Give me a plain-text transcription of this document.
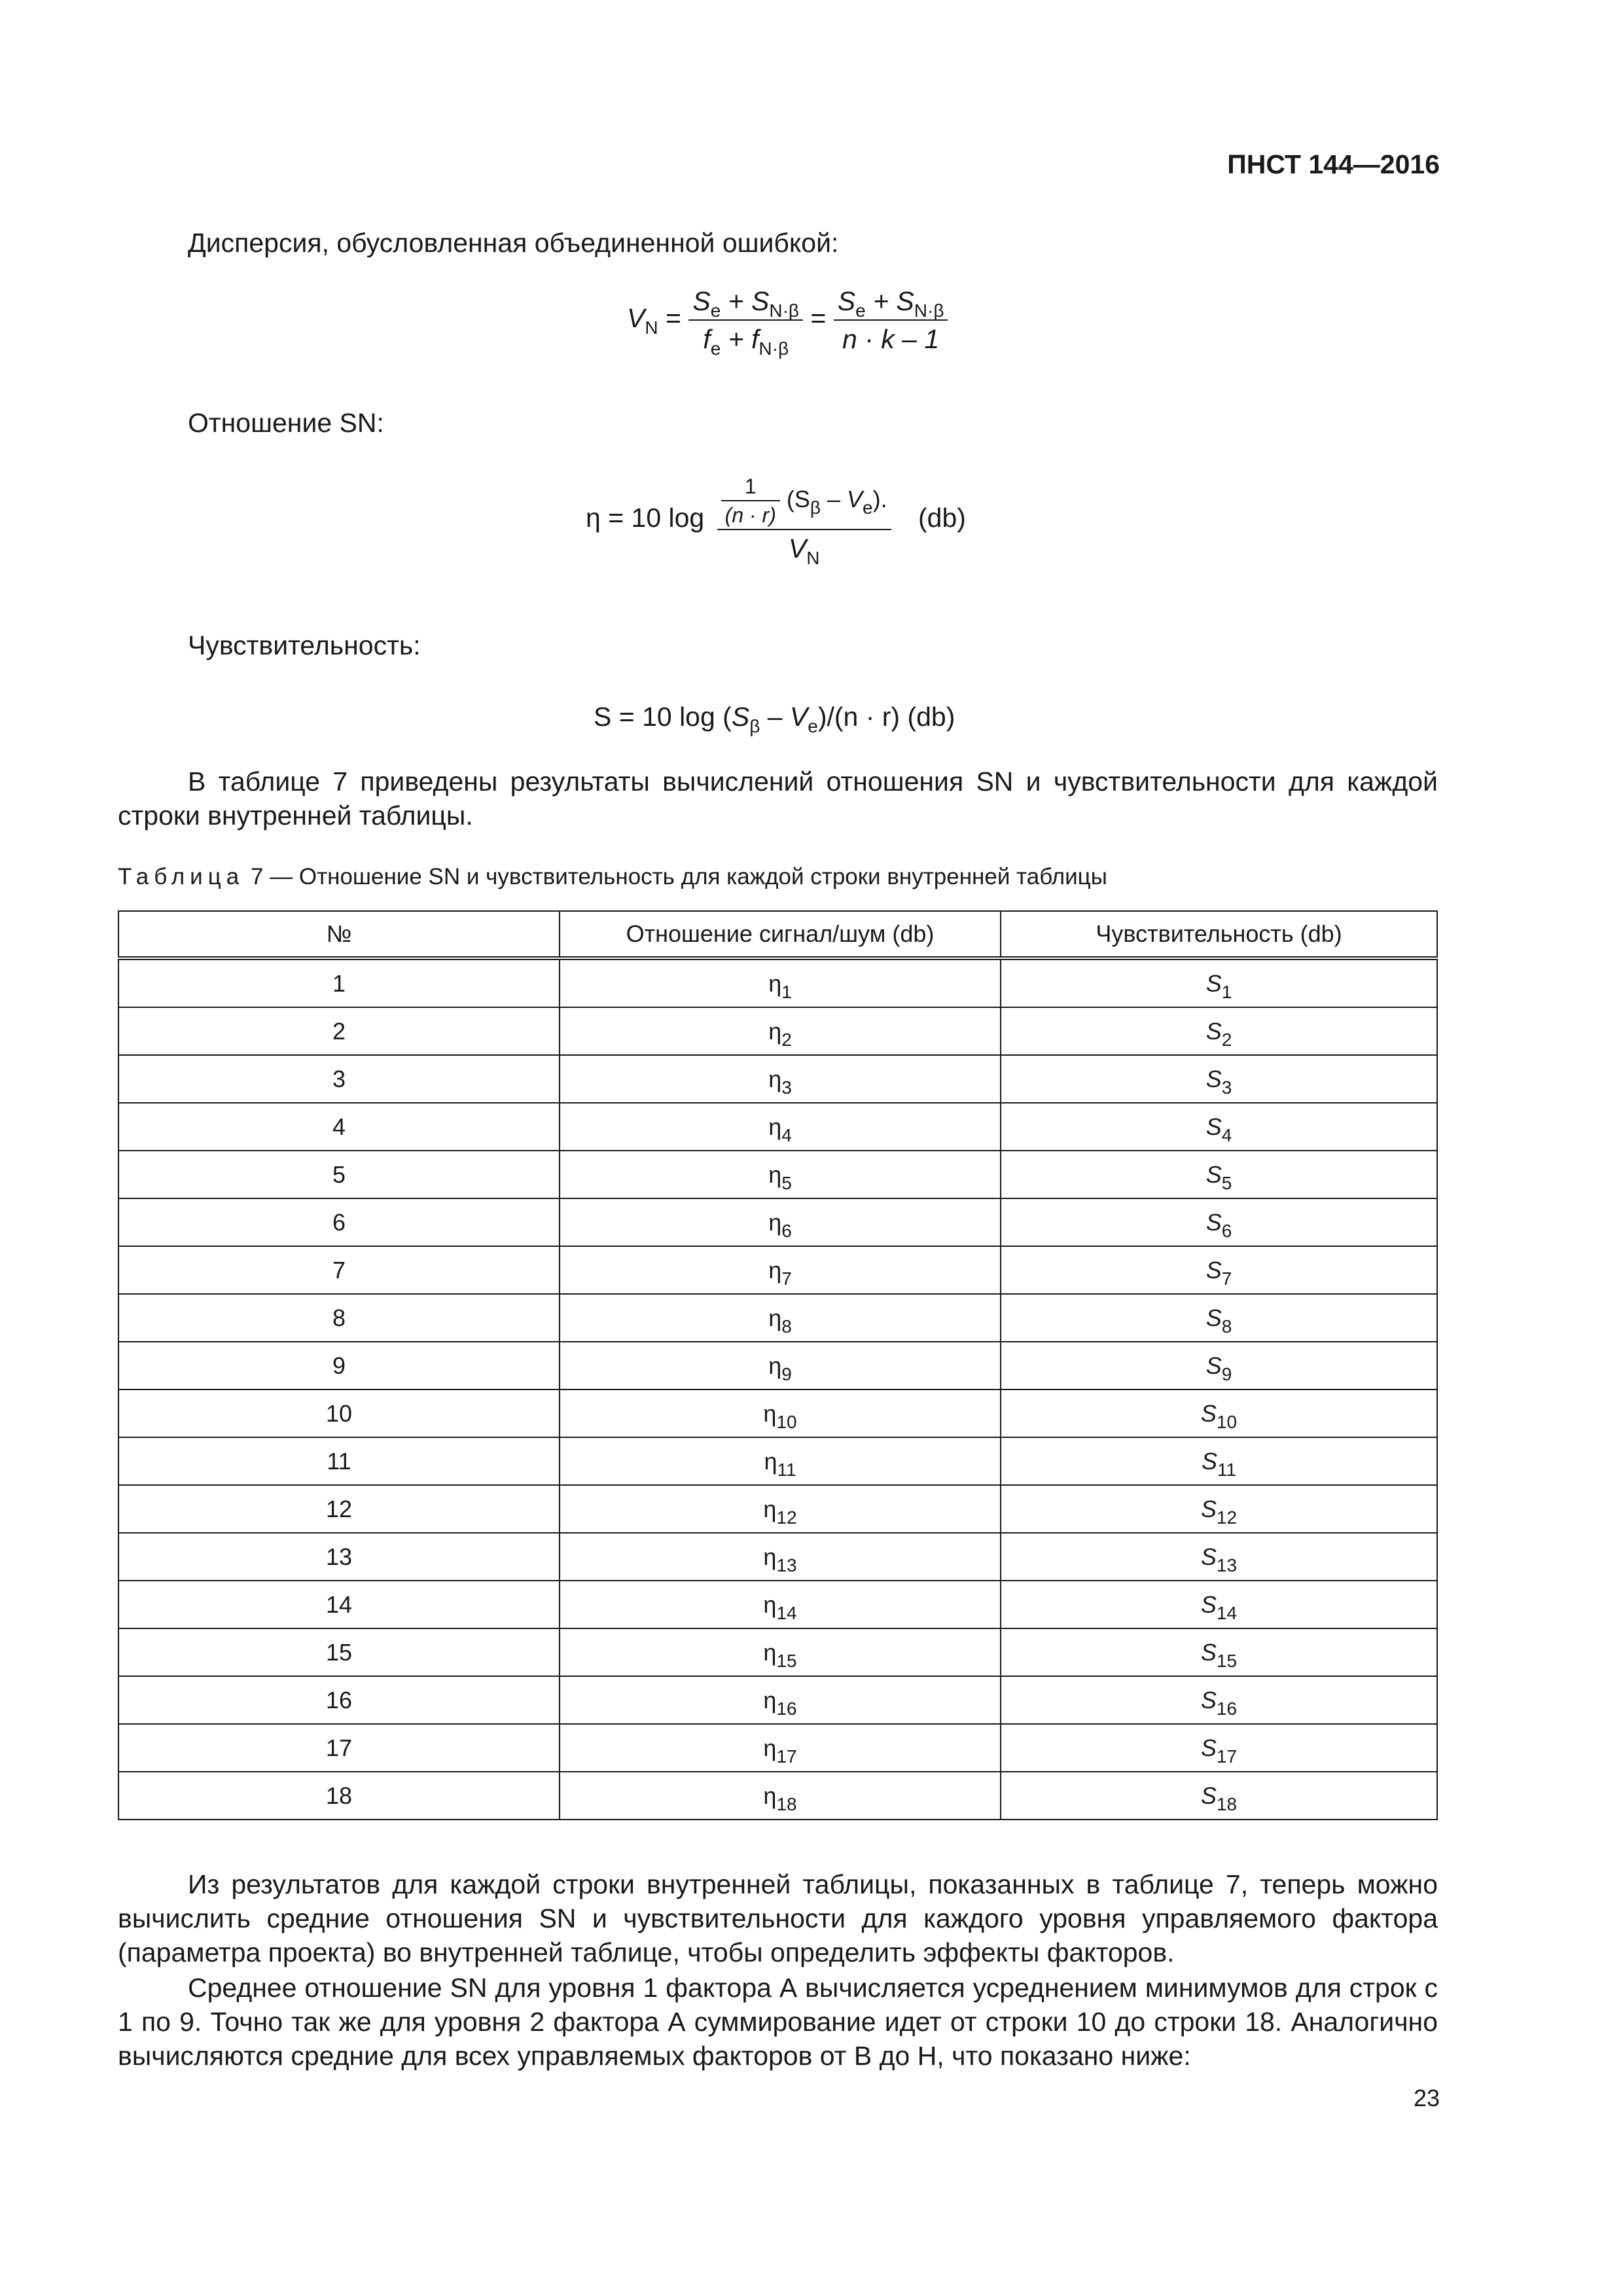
ПНСТ 144—2016
Дисперсия, обусловленная объединенной ошибкой:
$V_N = \frac{S_e + S_{N\cdot\beta}}{f_e + f_{N\cdot\beta}} = \frac{S_e + S_{N\cdot\beta}}{n \cdot k - 1}$
Отношение SN:
η = 10 $\log \frac{\frac{1}{(n \cdot r)} (S_\beta - V_e).}{V_N} (db)$
Чувствительность:
S = 10 $\log (S_\beta - V_e)/(n \cdot r)$ (db)
В таблице 7 приведены результаты вычислений отношения SN и чувствительности для каждой строки внутренней таблицы.
Таблица 7 — Отношение SN и чувствительность для каждой строки внутренней таблицы
№	Отношение сигнал/шум (db)	Чувствительность (db)
1	$\eta_1$	$S_1$
2	$\eta_2$	$S_2$
3	$\eta_3$	$S_3$
4	$\eta_4$	$S_4$
5	$\eta_5$	$S_5$
6	$\eta_6$	$S_6$
7	$\eta_7$	$S_7$
8	$\eta_8$	$S_8$
9	$\eta_9$	$S_9$
10	$\eta_{10}$	$S_{10}$
11	$\eta_{11}$	$S_{11}$
12	$\eta_{12}$	$S_{12}$
13	$\eta_{13}$	$S_{13}$
14	$\eta_{14}$	$S_{14}$
15	$\eta_{15}$	$S_{15}$
16	$\eta_{16}$	$S_{16}$
17	$\eta_{17}$	$S_{17}$
18	$\eta_{18}$	$S_{18}$
Из результатов для каждой строки внутренней таблицы, показанных в таблице 7, теперь можно вычислить средние отношения SN и чувствительности для каждого уровня управляемого фактора (параметра проекта) во внутренней таблице, чтобы определить эффекты факторов.
Среднее отношение SN для уровня 1 фактора А вычисляется усреднением минимумов для строк с 1 по 9. Точно так же для уровня 2 фактора А суммирование идет от строки 10 до строки 18. Аналогично вычисляются средние для всех управляемых факторов от В до Н, что показано ниже:
23
